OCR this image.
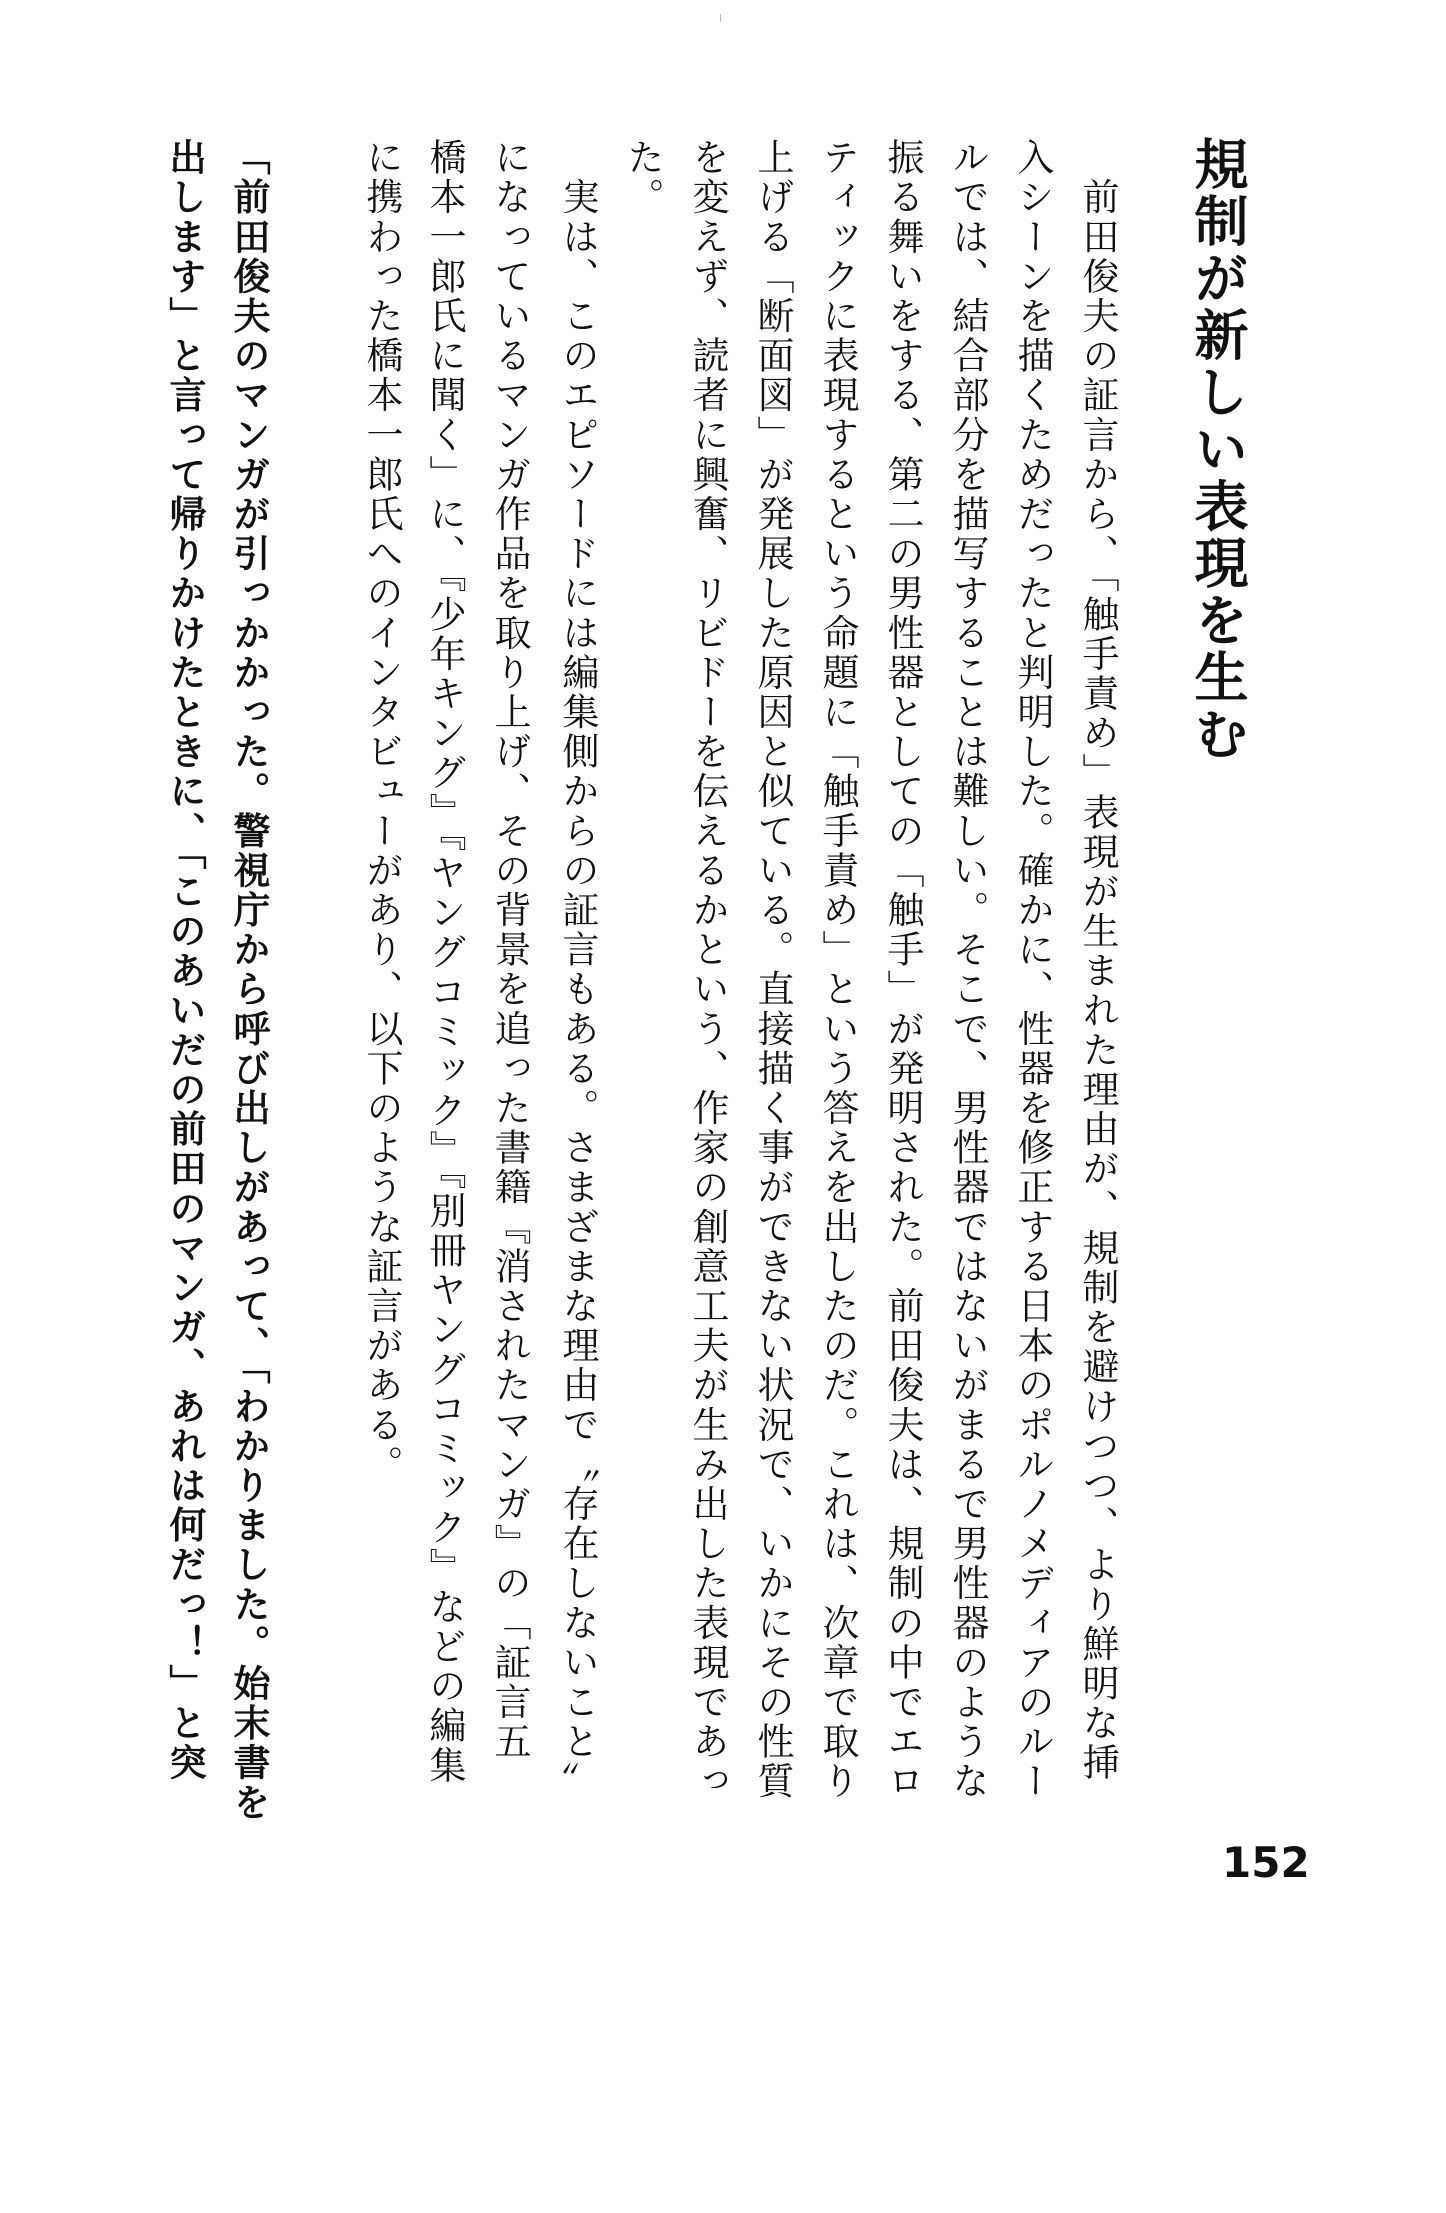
規制が新しい表現を生む
　前田俊夫の証言から、「触手責め」表現が生まれた理由が、規制を避けつつ、より鮮明な挿
入シーンを描くためだったと判明した。確かに、性器を修正する日本のポルノメディアのルー
ルでは、結合部分を描写することは難しい。そこで、男性器ではないがまるで男性器のような
振る舞いをする、第二の男性器としての「触手」が発明された。前田俊夫は、規制の中でエロ
ティックに表現するという命題に「触手責め」という答えを出したのだ。これは、次章で取り
上げる「断面図」が発展した原因と似ている。直接描く事ができない状況で、いかにその性質
を変えず、読者に興奮、リビドーを伝えるかという、作家の創意工夫が生み出した表現であっ
た。
　実は、このエピソードには編集側からの証言もある。さまざまな理由で〝存在しないこと〟
になっているマンガ作品を取り上げ、その背景を追った書籍『消されたマンガ』の「証言五
橋本一郎氏に聞く」に、『少年キング』『ヤングコミック』『別冊ヤングコミック』などの編集
に携わった橋本一郎氏へのインタビューがあり、以下のような証言がある。
「前田俊夫のマンガが引っかかった。警視庁から呼び出しがあって、「わかりました。始末書を
出します」と言って帰りかけたときに、「このあいだの前田のマンガ、あれは何だっ！」と突
152
